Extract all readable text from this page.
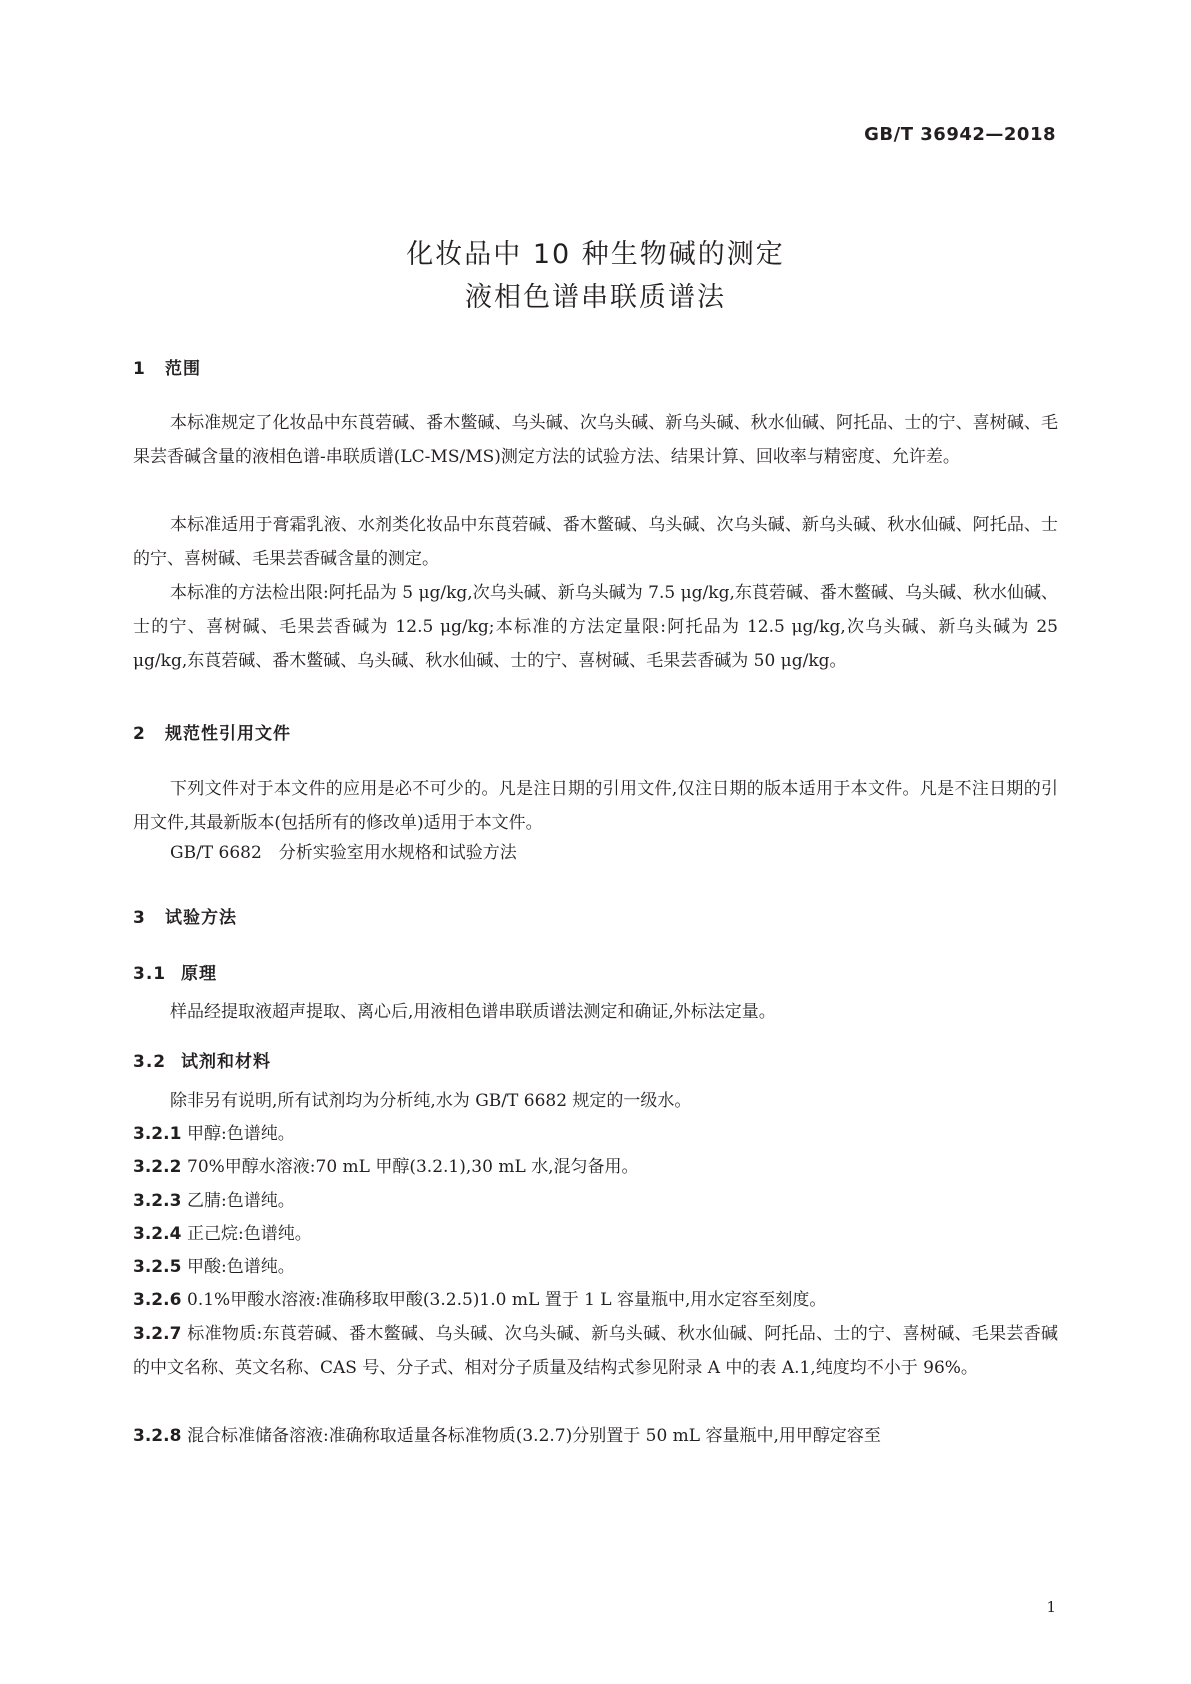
GB/T 36942—2018
化妆品中 10 种生物碱的测定
液相色谱串联质谱法
1 范围
本标准规定了化妆品中东莨菪碱、番木鳖碱、乌头碱、次乌头碱、新乌头碱、秋水仙碱、阿托品、士的宁、喜树碱、毛果芸香碱含量的液相色谱-串联质谱(LC-MS/MS)测定方法的试验方法、结果计算、回收率与精密度、允许差。
本标准适用于膏霜乳液、水剂类化妆品中东莨菪碱、番木鳖碱、乌头碱、次乌头碱、新乌头碱、秋水仙碱、阿托品、士的宁、喜树碱、毛果芸香碱含量的测定。
本标准的方法检出限:阿托品为 5 μg/kg,次乌头碱、新乌头碱为 7.5 μg/kg,东莨菪碱、番木鳖碱、乌头碱、秋水仙碱、士的宁、喜树碱、毛果芸香碱为 12.5 μg/kg;本标准的方法定量限:阿托品为 12.5 μg/kg,次乌头碱、新乌头碱为 25 μg/kg,东莨菪碱、番木鳖碱、乌头碱、秋水仙碱、士的宁、喜树碱、毛果芸香碱为 50 μg/kg。
2 规范性引用文件
下列文件对于本文件的应用是必不可少的。凡是注日期的引用文件,仅注日期的版本适用于本文件。凡是不注日期的引用文件,其最新版本(包括所有的修改单)适用于本文件。
GB/T 6682　分析实验室用水规格和试验方法
3 试验方法
3.1 原理
样品经提取液超声提取、离心后,用液相色谱串联质谱法测定和确证,外标法定量。
3.2 试剂和材料
除非另有说明,所有试剂均为分析纯,水为 GB/T 6682 规定的一级水。
3.2.1 甲醇:色谱纯。
3.2.2 70%甲醇水溶液:70 mL 甲醇(3.2.1),30 mL 水,混匀备用。
3.2.3 乙腈:色谱纯。
3.2.4 正己烷:色谱纯。
3.2.5 甲酸:色谱纯。
3.2.6 0.1%甲酸水溶液:准确移取甲酸(3.2.5)1.0 mL 置于 1 L 容量瓶中,用水定容至刻度。
3.2.7 标准物质:东莨菪碱、番木鳖碱、乌头碱、次乌头碱、新乌头碱、秋水仙碱、阿托品、士的宁、喜树碱、毛果芸香碱的中文名称、英文名称、CAS 号、分子式、相对分子质量及结构式参见附录 A 中的表 A.1,纯度均不小于 96%。
3.2.8 混合标准储备溶液:准确称取适量各标准物质(3.2.7)分别置于 50 mL 容量瓶中,用甲醇定容至
1
